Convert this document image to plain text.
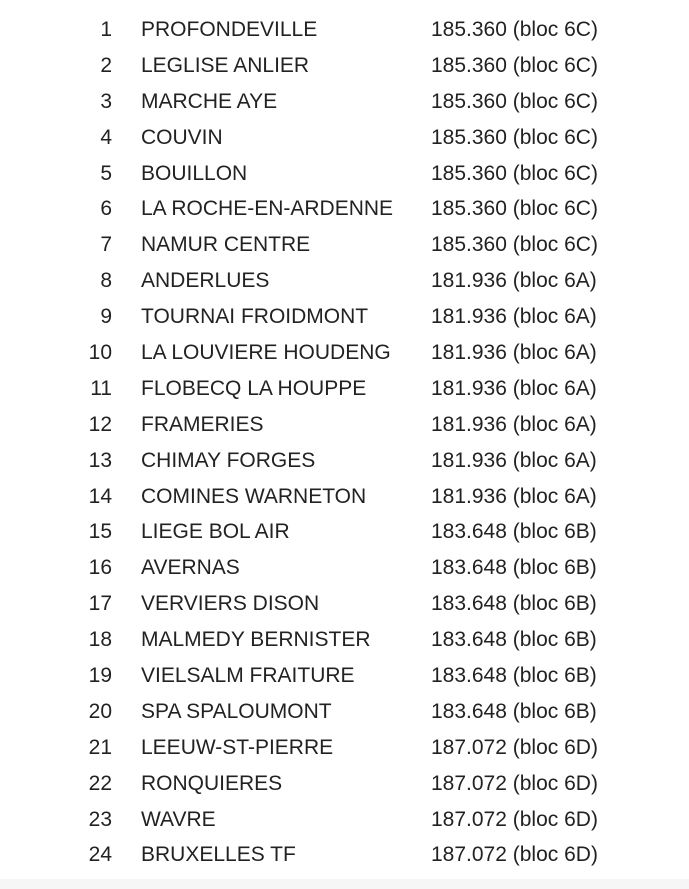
1 PROFONDEVILLE	185.360 (bloc 6C)
2 LEGLISE ANLIER	185.360 (bloc 6C)
3 MARCHE AYE	185.360 (bloc 6C)
4 COUVIN	185.360 (bloc 6C)
5 BOUILLON	185.360 (bloc 6C)
6 LA ROCHE-EN-ARDENNE 185.360 (bloc 6C)
7 NAMUR CENTRE	185.360 (bloc 6C)
8 ANDERLUES	181.936 (bloc 6A)
9 TOURNAI FROIDMONT	181.936 (bloc 6A)
10 LA LOUVIERE HOUDENG 181.936 (bloc 6A)
11 FLOBECQ LA HOUPPE	181.936 (bloc 6A)
12 FRAMERIES	181.936 (bloc 6A)
13 CHIMAY FORGES	181.936 (bloc 6A)
14 COMINES WARNETON	181.936 (bloc 6A)
15 LIEGE BOL AIR	183.648 (bloc 6B)
16 AVERNAS	183.648 (bloc 6B)
17 VERVIERS DISON	183.648 (bloc 6B)
18 MALMEDY BERNISTER	183.648 (bloc 6B)
19 VIELSALM FRAITURE	183.648 (bloc 6B)
20 SPA SPALOUMONT	183.648 (bloc 6B)
21 LEEUW-ST-PIERRE	187.072 (bloc 6D)
22 RONQUIERES	187.072 (bloc 6D)
23 WAVRE	187.072 (bloc 6D)
24 BRUXELLES TF	187.072 (bloc 6D)
